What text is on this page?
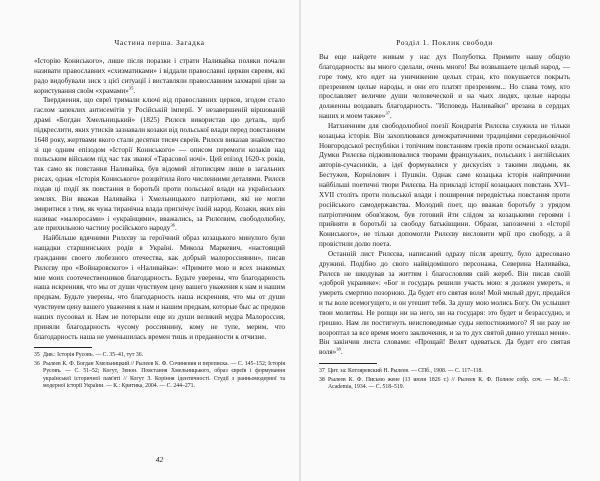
Частина перша. Загадка

«Історію Кониського», лише після поразки і страти Наливайка поляки почали називати православних «схизматиками» і віддали православні церкви євреям, які радо видобували зиск з цієї ситуації і виставляли православним захмарні ціни за користування своїм «храмами»$^{35}$.

Твердження, що євреї тримали ключі від православних церков, згодом стало гаслом запеклих антисемітів у Російській імперії. У незавершеній віршованій драмі «Богдан Хмельницький» (1825) Рилєєв використав цю деталь, щоб підкреслити, яких утисків зазнавали козаки від польської влади перед повстанням 1648 року, жертвами якого стали десятки тисяч євреїв. Рилєєв виказав знайомство зі ще одним епізодом «Історії Кониського» — описом перемоги козаків над польським військом під час так званої «Тарасової ночі». Цей епізод 1620-х років, так само як повстання Наливайка, був відомий літописцям лише в загальних рисах, однак «Історія Кониського» розцвітила його численними деталями. Рилєєв подав ці події як повстання в боротьбі проти польської влади на українських землях. Він вважав Наливайка і Хмельницького патріотами, які не могли змиритися з тим, як чужа тиранічна влада пригнічує їхній народ. Козаки, яких він називає «малоросами» і «українцями», вважались, за Рилєєвим, свободолюбну, але прихильною частину російського народу$^{36}$.

Найбільше вдячними Рилєєву за героїчний образ козацького минулого були нащадки старшинських родів в Україні. Микола Маркевич, «настоящий гражданин своего любезного отечества, как добрый малороссиянин», писав Рилєєву про «Войнаровского» і «Наливайка»: «Примите мою и всех знакомых мне моих соотечественников благодарность. Будьте уверены, что благодарность наша искренняя, что мы от души чувствуем цену вашего уважения к нам и нашим предкам. Будьте уверены, что благодарность наша искренняя, что мы от души чувствуем цену вашего уважения к нам и нашим предкам, которые быс ас предков наших пусоовал и. Нам не потерыли еще из души великий мудра Малороссия, приняли благодарность чусому россиянину, кому не тупе, мерим, что благодарность наша не уменьшилась времен тишь и преданности к отчизне.

35 Див.: Історія Русовъ. — С. 35–41, тут 36.

36 Рылеев К. Ф. Богдан Хмельницкий // Рылеев К. Ф. Сочинения и переписка. — С. 145–152; Історія Русовъ. — С. 51–52; Когут, Зенон. Повстання Хмельницького, образ євреїв і формування української історичної пам'яті // Когут З. Коріння ідентичності. Студії з ранньомодерної та модерної історії України. — К.: Критика, 2004. — С. 244–271.

42
Розділ 1. Поклик свободи

Вы еще найдете живым у нас дух Полуботка. Примите нашу общую благодарность: вы много сделали, очень много! Вы возвышаете целый народ, — горе тому, кто идет на уничижение целых стран, кто покушается покрыть презрением целые народы, и они его платят презрением... Но слава тому, кто прославляет величие души человеческой и на чьих людях, целые народы долженны воздавать благодарность. "Исповедь Наливайки" врезана в сердцах наших и моем также»$^{37}$.

Натхненням для свободолюбної поезії Кондратія Рилєєва служила не тільки козацька історія. Він захоплювався демократичними традиціями середньовічної Новгородської республіки і топічним повстанням греків проти османської влади. Думки Рилєєва підживлювалися творами французьких, польських і англійських авторів-сучасників, а ідеї формувалися у дискусіях з такими людьми, як Бестужев, Корнілович і Пушкін. Однак саме козацька історія найпричини найбільші поетичні твори Рилєєва. На прикладі історії козацьких повстань XVI–XVII століть проти польської влади і поширення передвістька повстання проти російського самодержавства. Молодий поет, що вважав боротьбу з урядом патріотичним обов'язком, був готовий йти слідом за козацькими героями і прийняти в боротьбі за свободу батьківщини. Образи, запозичені з «Історії Кониського», не тільки допомогли Рилєєву висловити мрії про свободу, а й провістили долю поета.

Останній лист Рилєєва, написаний одразу після арешту, було адресовано дружині. Подібно до свого найвідомішого персонажа, Северина Наливайка, Рилєєв не шкодував за життям і благословляв свій жереб. Він писав своїй «доброй украинке»: «Бог и государь решили участь мою: я должен умереть, и умереть смертию позорною. Да будет его святая воля! Мой милый друг, предайся и ты воле всемогущего, и он утешит тебя. За душу мою молись Богу. Он услышит твои молитвы. Не ропщи ни на него, ни на государя: это будет и безрассудно, и грешно. Нам ли постигнуть неисповедимые суды непостижимого? Я ни разу не возроптал за все время моего заключения, и за то дух святой дивно утешал меня». Він закінчив листа словами: «Прощай! Велят одеваться. Да будет его святая воля»$^{38}$.

37 Цит. за: Котляревский Н. Рылеев. — СПб., 1908. — С. 117–118.

38 Рылеев К. Ф. Письмо жене (13 июля 1826 г.) // Рылеев К. Ф. Полное собр. соч. — М.–Л.: Academia, 1934. — С. 518–519.
